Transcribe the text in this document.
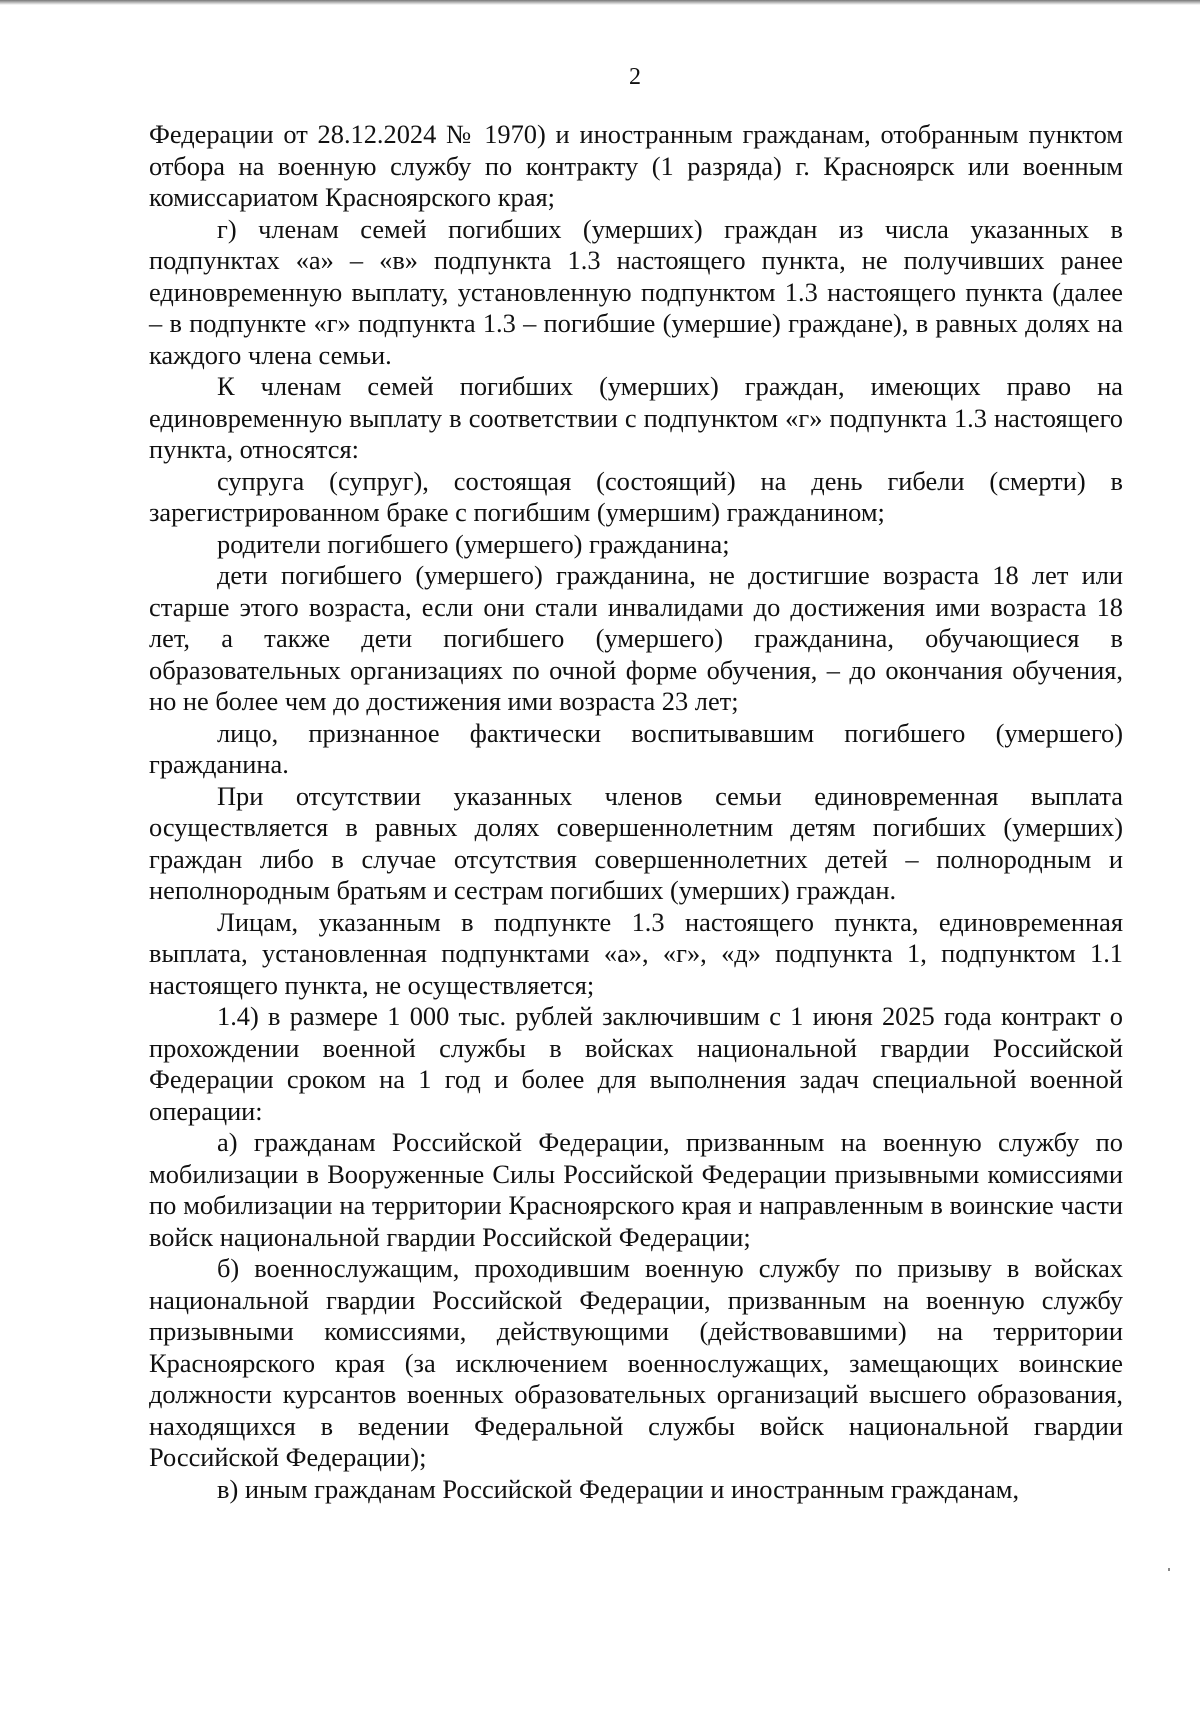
2

Федерации от 28.12.2024 № 1970) и иностранным гражданам, отобранным пунктом отбора на военную службу по контракту (1 разряда) г. Красноярск или военным комиссариатом Красноярского края;

г) членам семей погибших (умерших) граждан из числа указанных в подпунктах «а» – «в» подпункта 1.3 настоящего пункта, не получивших ранее единовременную выплату, установленную подпунктом 1.3 настоящего пункта (далее – в подпункте «г» подпункта 1.3 – погибшие (умершие) граждане), в равных долях на каждого члена семьи.

К членам семей погибших (умерших) граждан, имеющих право на единовременную выплату в соответствии с подпунктом «г» подпункта 1.3 настоящего пункта, относятся:

супруга (супруг), состоящая (состоящий) на день гибели (смерти) в зарегистрированном браке с погибшим (умершим) гражданином;

родители погибшего (умершего) гражданина;

дети погибшего (умершего) гражданина, не достигшие возраста 18 лет или старше этого возраста, если они стали инвалидами до достижения ими возраста 18 лет, а также дети погибшего (умершего) гражданина, обучающиеся в образовательных организациях по очной форме обучения, – до окончания обучения, но не более чем до достижения ими возраста 23 лет;

лицо, признанное фактически воспитывавшим погибшего (умершего) гражданина.

При отсутствии указанных членов семьи единовременная выплата осуществляется в равных долях совершеннолетним детям погибших (умерших) граждан либо в случае отсутствия совершеннолетних детей – полнородным и неполнородным братьям и сестрам погибших (умерших) граждан.

Лицам, указанным в подпункте 1.3 настоящего пункта, единовременная выплата, установленная подпунктами «а», «г», «д» подпункта 1, подпунктом 1.1 настоящего пункта, не осуществляется;

1.4) в размере 1 000 тыс. рублей заключившим с 1 июня 2025 года контракт о прохождении военной службы в войсках национальной гвардии Российской Федерации сроком на 1 год и более для выполнения задач специальной военной операции:

а) гражданам Российской Федерации, призванным на военную службу по мобилизации в Вооруженные Силы Российской Федерации призывными комиссиями по мобилизации на территории Красноярского края и направленным в воинские части войск национальной гвардии Российской Федерации;

б) военнослужащим, проходившим военную службу по призыву в войсках национальной гвардии Российской Федерации, призванным на военную службу призывными комиссиями, действующими (действовавшими) на территории Красноярского края (за исключением военнослужащих, замещающих воинские должности курсантов военных образовательных организаций высшего образования, находящихся в ведении Федеральной службы войск национальной гвардии Российской Федерации);

в) иным гражданам Российской Федерации и иностранным гражданам,
